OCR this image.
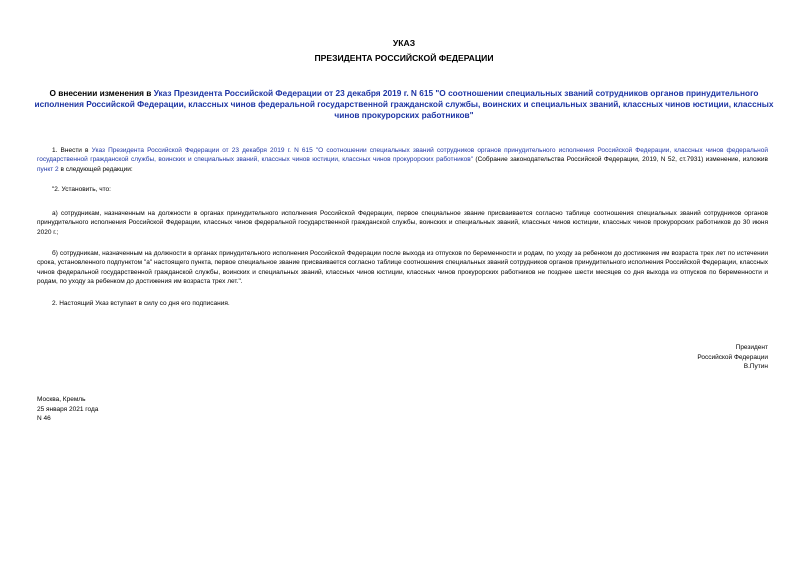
УКАЗ
ПРЕЗИДЕНТА РОССИЙСКОЙ ФЕДЕРАЦИИ
О внесении изменения в Указ Президента Российской Федерации от 23 декабря 2019 г. N 615 "О соотношении специальных званий сотрудников органов принудительного исполнения Российской Федерации, классных чинов федеральной государственной гражданской службы, воинских и специальных званий, классных чинов юстиции, классных чинов прокурорских работников"
1. Внести в Указ Президента Российской Федерации от 23 декабря 2019 г. N 615 "О соотношении специальных званий сотрудников органов принудительного исполнения Российской Федерации, классных чинов федеральной государственной гражданской службы, воинских и специальных званий, классных чинов юстиции, классных чинов прокурорских работников" (Собрание законодательства Российской Федерации, 2019, N 52, ст.7931) изменение, изложив пункт 2 в следующей редакции:
"2. Установить, что:
а) сотрудникам, назначенным на должности в органах принудительного исполнения Российской Федерации, первое специальное звание присваивается согласно таблице соотношения специальных званий сотрудников органов принудительного исполнения Российской Федерации, классных чинов федеральной государственной гражданской службы, воинских и специальных званий, классных чинов юстиции, классных чинов прокурорских работников до 30 июня 2020 г.;
б) сотрудникам, назначенным на должности в органах принудительного исполнения Российской Федерации после выхода из отпусков по беременности и родам, по уходу за ребенком до достижения им возраста трех лет по истечении срока, установленного подпунктом "а" настоящего пункта, первое специальное звание присваивается согласно таблице соотношения специальных званий сотрудников органов принудительного исполнения Российской Федерации, классных чинов федеральной государственной гражданской службы, воинских и специальных званий, классных чинов юстиции, классных чинов прокурорских работников не позднее шести месяцев со дня выхода из отпусков по беременности и родам, по уходу за ребенком до достижения им возраста трех лет.".
2. Настоящий Указ вступает в силу со дня его подписания.
Президент
Российской Федерации
В.Путин
Москва, Кремль
25 января 2021 года
N 46
